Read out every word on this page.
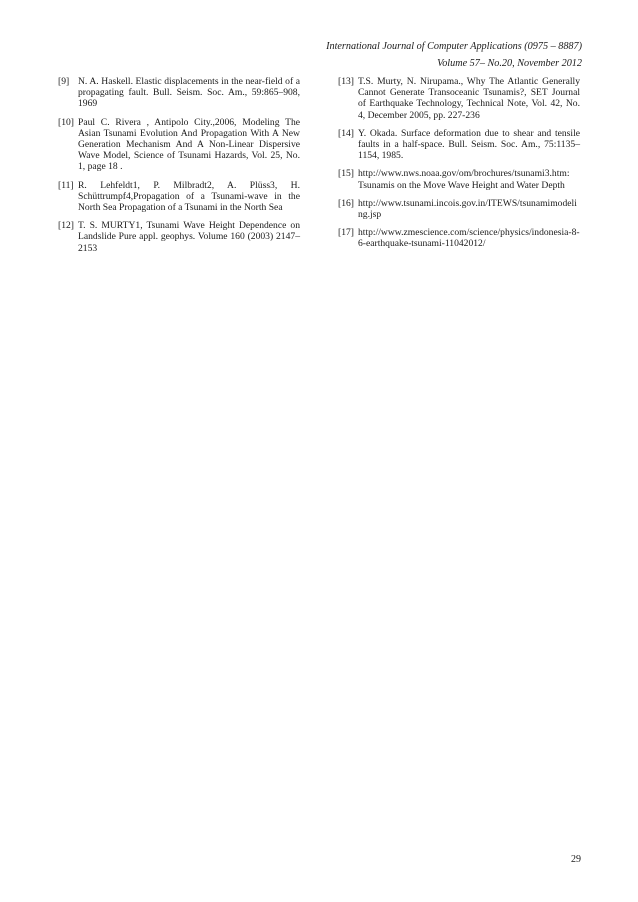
International Journal of Computer Applications (0975 – 8887)
Volume 57– No.20, November 2012
[9] N. A. Haskell. Elastic displacements in the near-field of a propagating fault. Bull. Seism. Soc. Am., 59:865–908, 1969
[10] Paul C. Rivera , Antipolo City.,2006, Modeling The Asian Tsunami Evolution And Propagation With A New Generation Mechanism And A Non-Linear Dispersive Wave Model, Science of Tsunami Hazards, Vol. 25, No. 1, page 18 .
[11] R. Lehfeldt1, P. Milbradt2, A. Plüss3, H. Schüttrumpf4,Propagation of a Tsunami-wave in the North Sea Propagation of a Tsunami in the North Sea
[12] T. S. MURTY1, Tsunami Wave Height Dependence on Landslide Pure appl. geophys. Volume 160 (2003) 2147–2153
[13] T.S. Murty, N. Nirupama., Why The Atlantic Generally Cannot Generate Transoceanic Tsunamis?, SET Journal of Earthquake Technology, Technical Note, Vol. 42, No. 4, December 2005, pp. 227-236
[14] Y. Okada. Surface deformation due to shear and tensile faults in a half-space. Bull. Seism. Soc. Am., 75:1135–1154, 1985.
[15] http://www.nws.noaa.gov/om/brochures/tsunami3.htm: Tsunamis on the Move Wave Height and Water Depth
[16] http://www.tsunami.incois.gov.in/ITEWS/tsunamimodeling.jsp
[17] http://www.zmescience.com/science/physics/indonesia-8-6-earthquake-tsunami-11042012/
29
